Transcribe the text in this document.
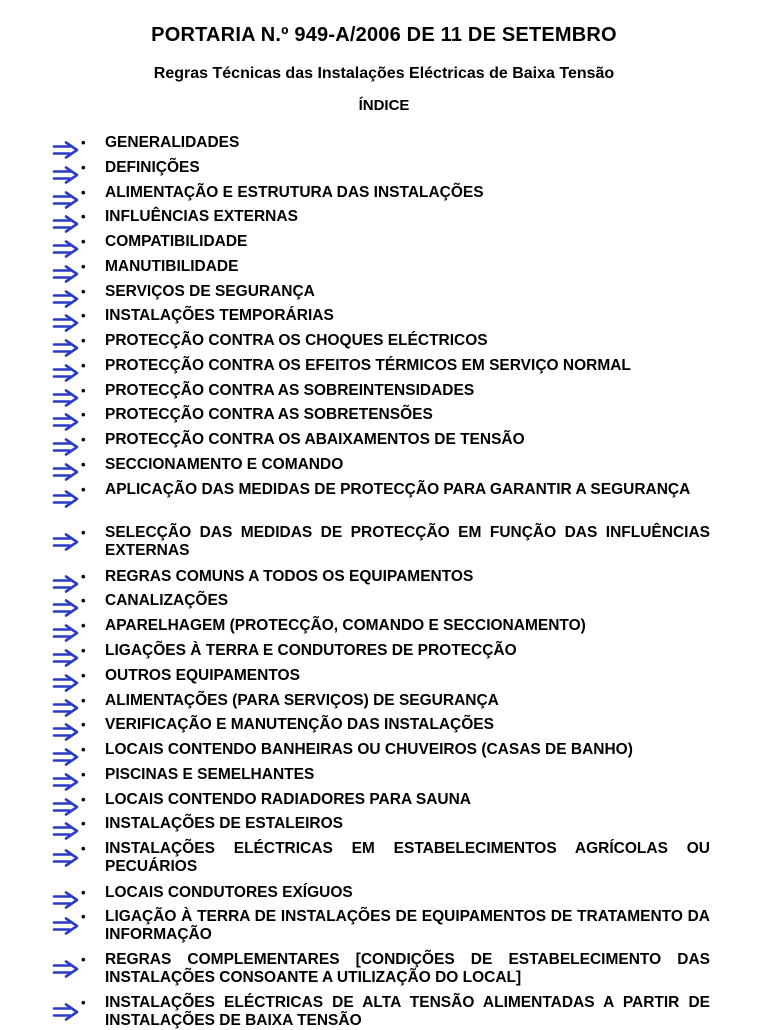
PORTARIA N.º 949-A/2006 DE 11 DE SETEMBRO
Regras Técnicas das Instalações Eléctricas de Baixa Tensão
ÍNDICE
• GENERALIDADES
• DEFINIÇÕES
• ALIMENTAÇÃO E ESTRUTURA DAS INSTALAÇÕES
• INFLUÊNCIAS EXTERNAS
• COMPATIBILIDADE
• MANUTIBILIDADE
• SERVIÇOS DE SEGURANÇA
• INSTALAÇÕES TEMPORÁRIAS
• PROTECÇÃO CONTRA OS CHOQUES ELÉCTRICOS
• PROTECÇÃO CONTRA OS EFEITOS TÉRMICOS EM SERVIÇO NORMAL
• PROTECÇÃO CONTRA AS SOBREINTENSIDADES
• PROTECÇÃO CONTRA AS SOBRETENSÕES
• PROTECÇÃO CONTRA OS ABAIXAMENTOS DE TENSÃO
• SECCIONAMENTO E COMANDO
• APLICAÇÃO DAS MEDIDAS DE PROTECÇÃO PARA GARANTIR A SEGURANÇA
• SELECÇÃO DAS MEDIDAS DE PROTECÇÃO EM FUNÇÃO DAS INFLUÊNCIAS EXTERNAS
• REGRAS COMUNS A TODOS OS EQUIPAMENTOS
• CANALIZAÇÕES
• APARELHAGEM (PROTECÇÃO, COMANDO E SECCIONAMENTO)
• LIGAÇÕES À TERRA E CONDUTORES DE PROTECÇÃO
• OUTROS EQUIPAMENTOS
• ALIMENTAÇÕES (PARA SERVIÇOS) DE SEGURANÇA
• VERIFICAÇÃO E MANUTENÇÃO DAS INSTALAÇÕES
• LOCAIS CONTENDO BANHEIRAS OU CHUVEIROS (CASAS DE BANHO)
• PISCINAS E SEMELHANTES
• LOCAIS CONTENDO RADIADORES PARA SAUNA
• INSTALAÇÕES DE ESTALEIROS
• INSTALAÇÕES ELÉCTRICAS EM ESTABELECIMENTOS AGRÍCOLAS OU PECUÁRIOS
• LOCAIS CONDUTORES EXÍGUOS
• LIGAÇÃO À TERRA DE INSTALAÇÕES DE EQUIPAMENTOS DE TRATAMENTO DA INFORMAÇÃO
• REGRAS COMPLEMENTARES [CONDIÇÕES DE ESTABELECIMENTO DAS INSTALAÇÕES CONSOANTE A UTILIZAÇÃO DO LOCAL]
• INSTALAÇÕES ELÉCTRICAS DE ALTA TENSÃO ALIMENTADAS A PARTIR DE INSTALAÇÕES DE BAIXA TENSÃO
